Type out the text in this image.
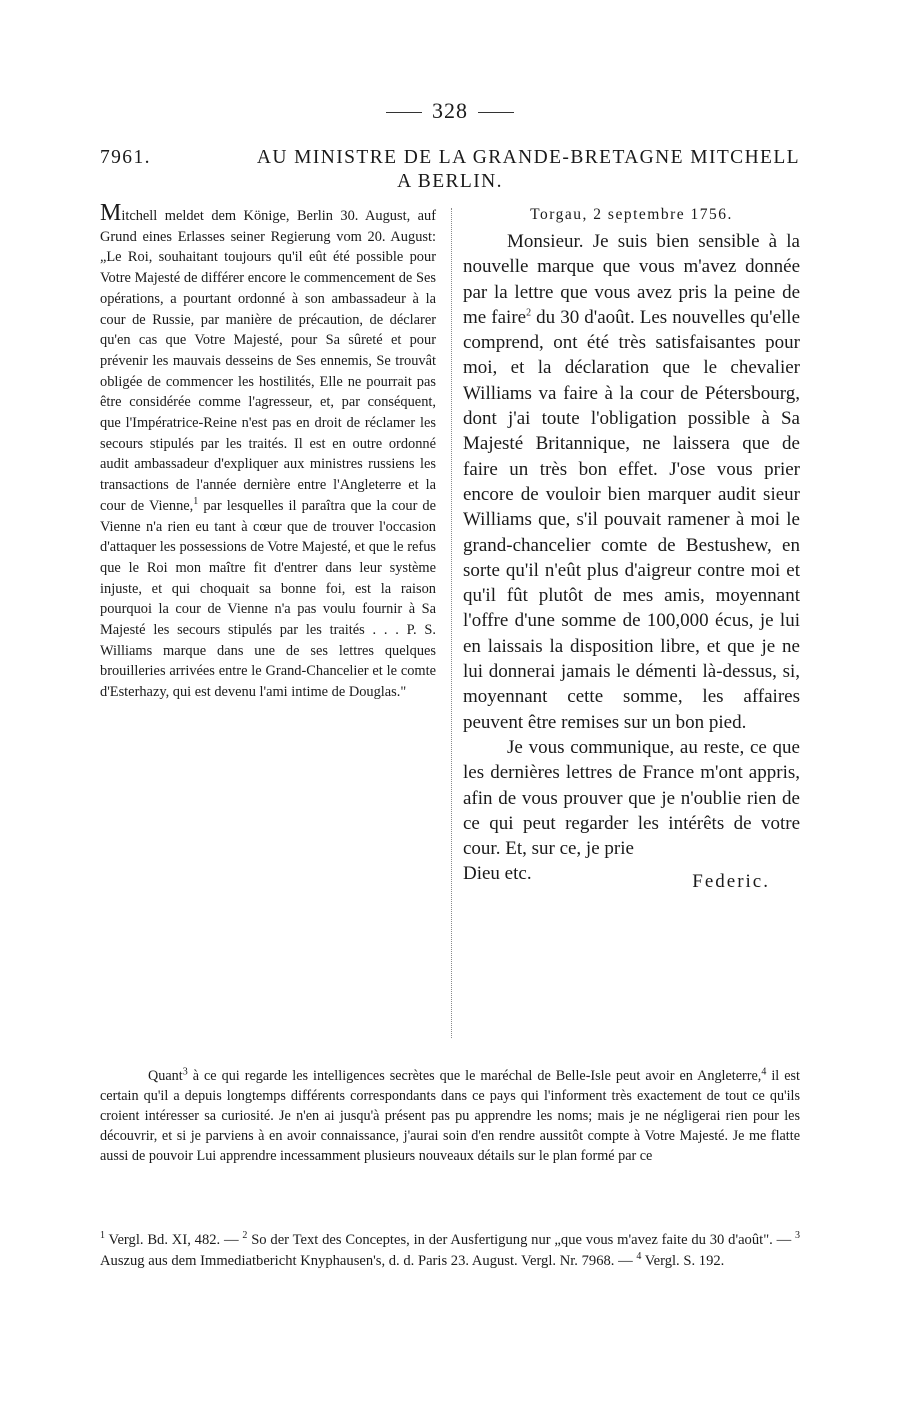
328
7961.	AU MINISTRE DE LA GRANDE-BRETAGNE MITCHELL
A BERLIN.
Mitchell meldet dem Könige, Berlin 30. August, auf Grund eines Erlasses seiner Regierung vom 20. August: „Le Roi, souhaitant toujours qu'il eût été possible pour Votre Majesté de différer encore le commencement de Ses opérations, a pourtant ordonné à son ambassadeur à la cour de Russie, par manière de précaution, de déclarer qu'en cas que Votre Majesté, pour Sa sûreté et pour prévenir les mauvais desseins de Ses ennemis, Se trouvât obligée de commencer les hostilités, Elle ne pourrait pas être considérée comme l'agresseur, et, par conséquent, que l'Impératrice-Reine n'est pas en droit de réclamer les secours stipulés par les traités. Il est en outre ordonné audit ambassadeur d'expliquer aux ministres russiens les transactions de l'année dernière entre l'Angleterre et la cour de Vienne,$^1$ par lesquelles il paraîtra que la cour de Vienne n'a rien eu tant à cœur que de trouver l'occasion d'attaquer les possessions de Votre Majesté, et que le refus que le Roi mon maître fit d'entrer dans leur système injuste, et qui choquait sa bonne foi, est la raison pourquoi la cour de Vienne n'a pas voulu fournir à Sa Majesté les secours stipulés par les traités . . . P. S. Williams marque dans une de ses lettres quelques brouilleries arrivées entre le Grand-Chancelier et le comte d'Esterhazy, qui est devenu l'ami intime de Douglas."
Torgau, 2 septembre 1756.

Monsieur. Je suis bien sensible à la nouvelle marque que vous m'avez donnée par la lettre que vous avez pris la peine de me faire$^2$ du 30 d'août. Les nouvelles qu'elle comprend, ont été très satisfaisantes pour moi, et la déclaration que le chevalier Williams va faire à la cour de Pétersbourg, dont j'ai toute l'obligation possible à Sa Majesté Britannique, ne laissera que de faire un très bon effet. J'ose vous prier encore de vouloir bien marquer audit sieur Williams que, s'il pouvait ramener à moi le grand-chancelier comte de Bestushew, en sorte qu'il n'eût plus d'aigreur contre moi et qu'il fût plutôt de mes amis, moyennant l'offre d'une somme de 100,000 écus, je lui en laissais la disposition libre, et que je ne lui donnerai jamais le démenti là-dessus, si, moyennant cette somme, les affaires peuvent être remises sur un bon pied.

Je vous communique, au reste, ce que les dernières lettres de France m'ont appris, afin de vous prouver que je n'oublie rien de ce qui peut regarder les intérêts de votre cour. Et, sur ce, je prie

Dieu etc.	Federic.
Quant$^3$ à ce qui regarde les intelligences secrètes que le maréchal de Belle-Isle peut avoir en Angleterre,$^4$ il est certain qu'il a depuis longtemps différents correspondants dans ce pays qui l'informent très exactement de tout ce qu'ils croient intéresser sa curiosité. Je n'en ai jusqu'à présent pas pu apprendre les noms; mais je ne négligerai rien pour les découvrir, et si je parviens à en avoir connaissance, j'aurai soin d'en rendre aussitôt compte à Votre Majesté. Je me flatte aussi de pouvoir Lui apprendre incessamment plusieurs nouveaux détails sur le plan formé par ce
$^1$ Vergl. Bd. XI, 482. — $^2$ So der Text des Conceptes, in der Ausfertigung nur „que vous m'avez faite du 30 d'août". — $^3$ Auszug aus dem Immediatbericht Knyphausen's, d. d. Paris 23. August. Vergl. Nr. 7968. — $^4$ Vergl. S. 192.
